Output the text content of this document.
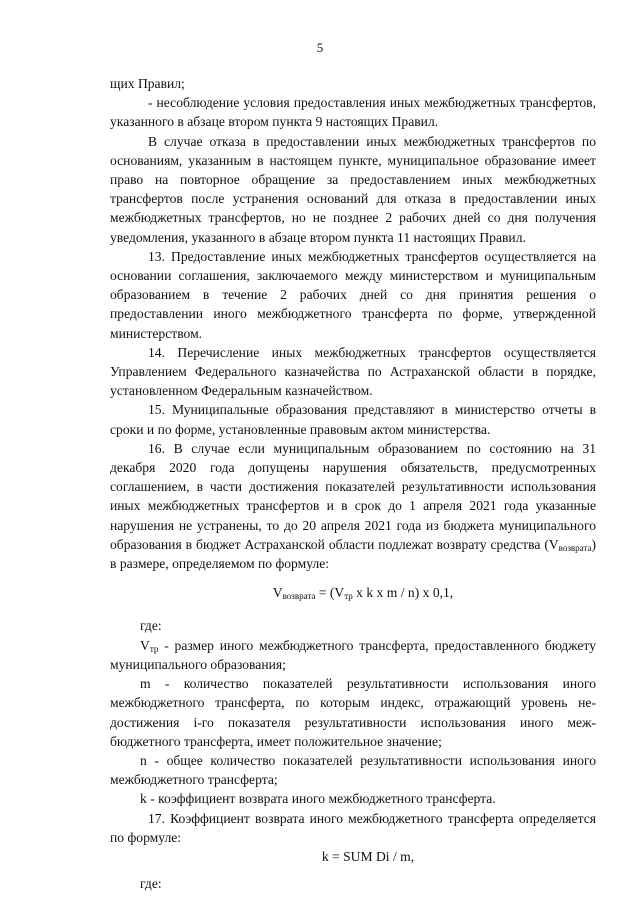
5

щих Правил;

- несоблюдение условия предоставления иных межбюджетных трансфертов, указанного в абзаце втором пункта 9 настоящих Правил.

В случае отказа в предоставлении иных межбюджетных трансфертов по основаниям, указанным в настоящем пункте, муниципальное образование имеет право на повторное обращение за предоставлением иных межбюджетных трансфертов после устранения оснований для отказа в предоставлении иных межбюджетных трансфертов, но не позднее 2 рабочих дней со дня получения уведомления, указанного в абзаце втором пункта 11 настоящих Правил.

13. Предоставление иных межбюджетных трансфертов осуществляется на основании соглашения, заключаемого между министерством и муниципальным образованием в течение 2 рабочих дней со дня принятия решения о предоставлении иного межбюджетного трансферта по форме, утвержденной министерством.

14. Перечисление иных межбюджетных трансфертов осуществляется Управлением Федерального казначейства по Астраханской области в порядке, установленном Федеральным казначейством.

15. Муниципальные образования представляют в министерство отчеты в сроки и по форме, установленные правовым актом министерства.

16. В случае если муниципальным образованием по состоянию на 31 декабря 2020 года допущены нарушения обязательств, предусмотренных соглашением, в части достижения показателей результативности использования иных межбюджетных трансфертов и в срок до 1 апреля 2021 года указанные нарушения не устранены, то до 20 апреля 2021 года из бюджета муниципального образования в бюджет Астраханской области подлежат возврату средства $(V_{возврата})$ в размере, определяемом по формуле:

$V_{возврата} = (V_{тр}$ x k x m / n) x 0,1,

где:

$V_{тр}$ - размер иного межбюджетного трансферта, предоставленного бюджету муниципального образования;

m - количество показателей результативности использования иного межбюджетного трансферта, по которым индекс, отражающий уровень недостижения i-го показателя результативности использования иного межбюджетного трансферта, имеет положительное значение;

n - общее количество показателей результативности использования иного межбюджетного трансферта;

k - коэффициент возврата иного межбюджетного трансферта.

17. Коэффициент возврата иного межбюджетного трансферта определяется по формуле:

k = SUM Di / m,

где:
